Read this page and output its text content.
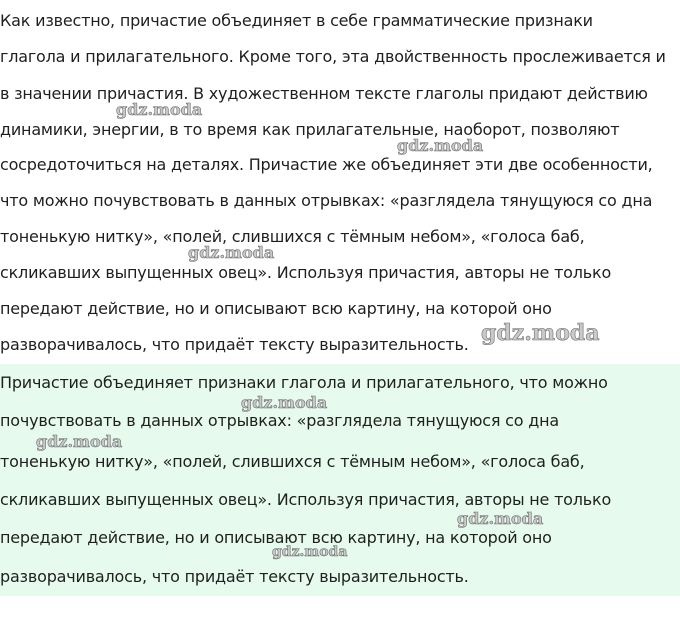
Как известно, причастие объединяет в себе грамматические признаки
глагола и прилагательного. Кроме того, эта двойственность прослеживается и
в значении причастия. В художественном тексте глаголы придают действию
динамики, энергии, в то время как прилагательные, наоборот, позволяют
сосредоточиться на деталях. Причастие же объединяет эти две особенности,
что можно почувствовать в данных отрывках: «разглядела тянущуюся со дна
тоненькую нитку», «полей, слившихся с тёмным небом», «голоса баб,
скликавших выпущенных овец». Используя причастия, авторы не только
передают действие, но и описывают всю картину, на которой оно
разворачивалось, что придаёт тексту выразительность.
Причастие объединяет признаки глагола и прилагательного, что можно
почувствовать в данных отрывках: «разглядела тянущуюся со дна
тоненькую нитку», «полей, слившихся с тёмным небом», «голоса баб,
скликавших выпущенных овец». Используя причастия, авторы не только
передают действие, но и описывают всю картину, на которой оно
разворачивалось, что придаёт тексту выразительность.
gdz.moda
gdz.moda
gdz.moda
gdz.moda
gdz.moda
gdz.moda
gdz.moda
gdz.moda
